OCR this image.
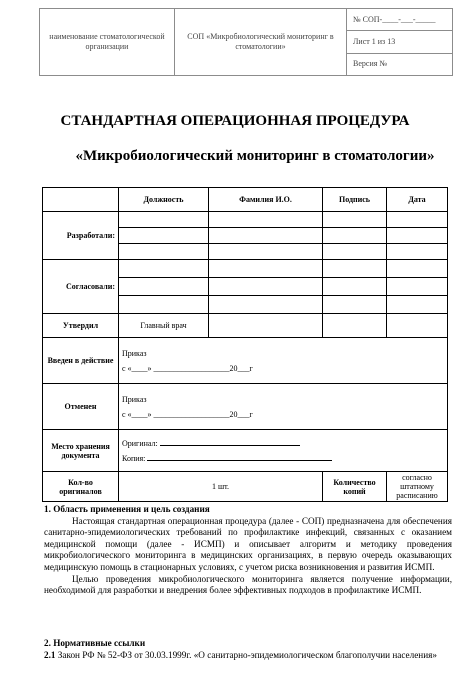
наименование стоматологической организации	СОП «Микробиологический мониторинг в стоматологии»	№ СОП-____-___-_____
Лист 1 из 13
Версия №
СТАНДАРТНАЯ ОПЕРАЦИОННАЯ ПРОЦЕДУРА
«Микробиологический мониторинг в стоматологии»
	Должность	Фамилия И.О.	Подпись	Дата
Разработали:				

Согласовали:				

Утвердил	Главный врач			
Введен в действие	Приказ
с «____» ___________________20___г			

Отменен	Приказ
с «____» ___________________20___г			

Место хранения документа	Оригинал:
Копия:			

Кол-во оригиналов	1 шт.		Количество копий	согласно штатному расписанию
1. Область применения и цель создания

Настоящая стандартная операционная процедура (далее - СОП) предназначена для обеспечения санитарно-эпидемиологических требований по профилактике инфекций, связанных с оказанием медицинской помощи (далее - ИСМП) и описывает алгоритм и методику проведения микробиологического мониторинга в медицинских организациях, в первую очередь оказывающих медицинскую помощь в стационарных условиях, с учетом риска возникновения и развития ИСМП.

Целью проведения микробиологического мониторинга является получение информации, необходимой для разработки и внедрения более эффективных подходов в профилактике ИСМП.

2. Нормативные ссылки

2.1 Закон РФ № 52-ФЗ от 30.03.1999г. «О санитарно-эпидемиологическом благополучии населения»
